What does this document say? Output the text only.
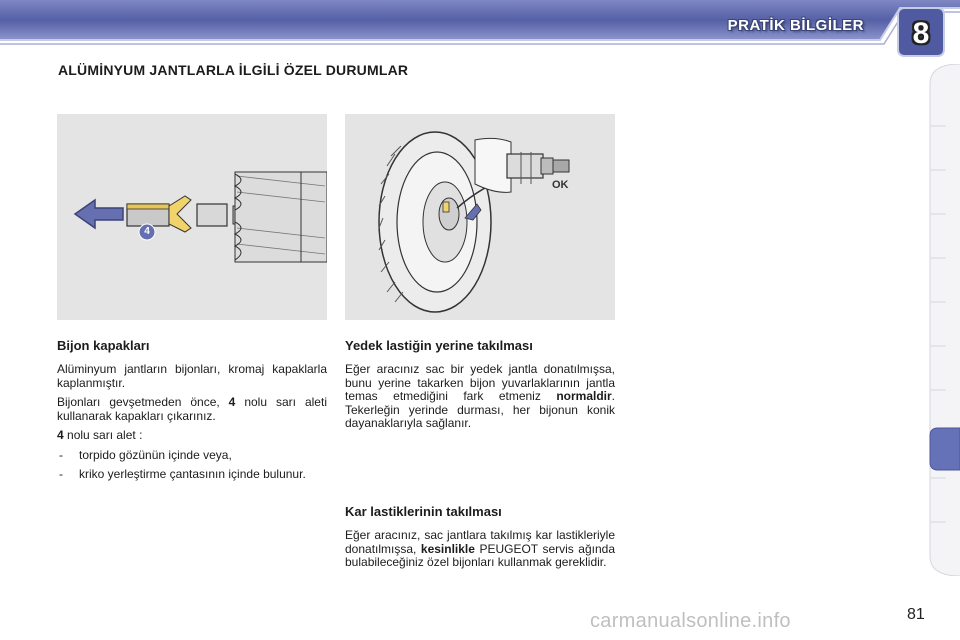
PRATİK BİLGİLER 8
ALÜMİNYUM JANTLARLA İLGİLİ ÖZEL DURUMLAR
4
OK
Bijon kapakları

Alüminyum jantların bijonları, kromaj kapaklarla kaplanmıştır.

Bijonları gevşetmeden önce, 4 nolu sarı aleti kullanarak kapakları çıkarınız.

4 nolu sarı alet :

- torpido gözünün içinde veya,
- kriko yerleştirme çantasının içinde bulunur.
Yedek lastiğin yerine takılması

Eğer aracınız sac bir yedek jantla donatılmışsa, bunu yerine takarken bijon yuvarlaklarının jantla temas etmediğini fark etmeniz normaldir. Tekerleğin yerinde durması, her bijonun konik dayanaklarıyla sağlanır.

Kar lastiklerinin takılması

Eğer aracınız, sac jantlara takılmış kar lastikleriyle donatılmışsa, kesinlikle PEUGEOT servis ağında bulabileceğiniz özel bijonları kullanmak gereklidir.

81
carmanualsonline.info
